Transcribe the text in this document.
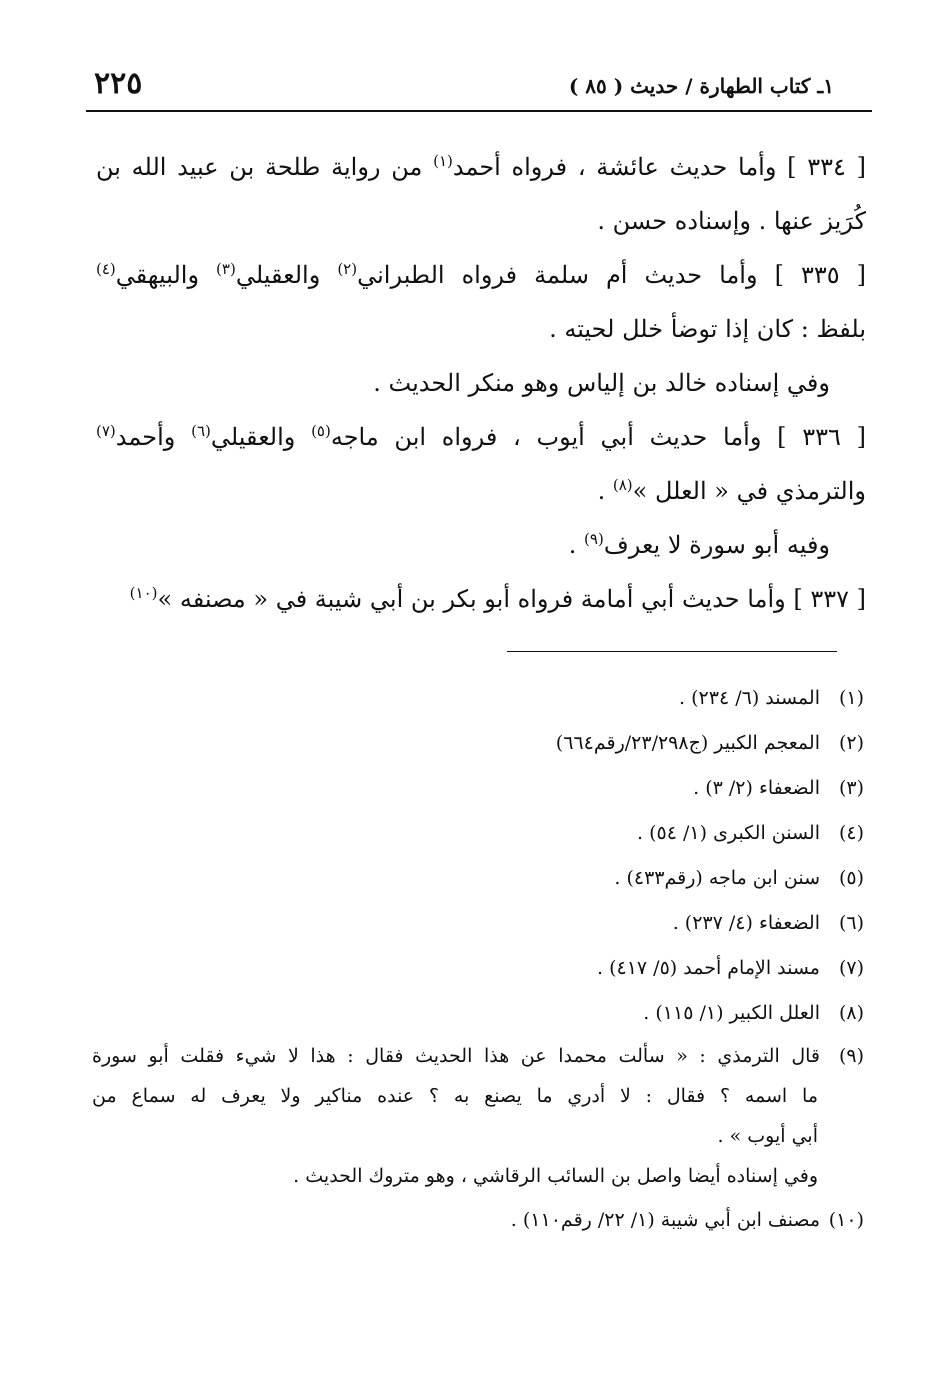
٢٢٥	١ـ كتاب الطهارة / حديث ( ٨٥ )
[ ٣٣٤ ] وأما حديث عائشة ، فرواه أحمد$^{(١)}$ من رواية طلحة بن عبيد الله بن
كُرَيز عنها . وإسناده حسن .
[ ٣٣٥ ] وأما حديث أم سلمة فرواه الطبراني$^{(٢)}$ والعقيلي$^{(٣)}$ والبيهقي$^{(٤)}$
بلفظ : كان إذا توضأ خلل لحيته .
وفي إسناده خالد بن إلياس وهو منكر الحديث .
[ ٣٣٦ ] وأما حديث أبي أيوب ، فرواه ابن ماجه$^{(٥)}$ والعقيلي$^{(٦)}$ وأحمد$^{(٧)}$
والترمذي في « العلل »$^{(٨)}$ .
وفيه أبو سورة لا يعرف$^{(٩)}$ .
[ ٣٣٧ ] وأما حديث أبي أمامة فرواه أبو بكر بن أبي شيبة في « مصنفه »$^{(١٠)}$
(١)المسند (٦/ ٢٣٤) .
(٢)المعجم الكبير (ج٢٣/٢٩٨/رقم٦٦٤)
(٣)الضعفاء (٢/ ٣) .
(٤)السنن الكبرى (١/ ٥٤) .
(٥)سنن ابن ماجه (رقم٤٣٣) .
(٦)الضعفاء (٤/ ٢٣٧) .
(٧)مسند الإمام أحمد (٥/ ٤١٧) .
(٨)العلل الكبير (١/ ١١٥) .
(٩)قال الترمذي : « سألت محمدا عن هذا الحديث فقال : هذا لا شيء فقلت أبو سورة
ما اسمه ؟ فقال : لا أدري ما يصنع به ؟ عنده مناكير ولا يعرف له سماع من
أبي أيوب » .
وفي إسناده أيضا واصل بن السائب الرقاشي ، وهو متروك الحديث .
(١٠)مصنف ابن أبي شيبة (١/ ٢٢/ رقم١١٠) .
